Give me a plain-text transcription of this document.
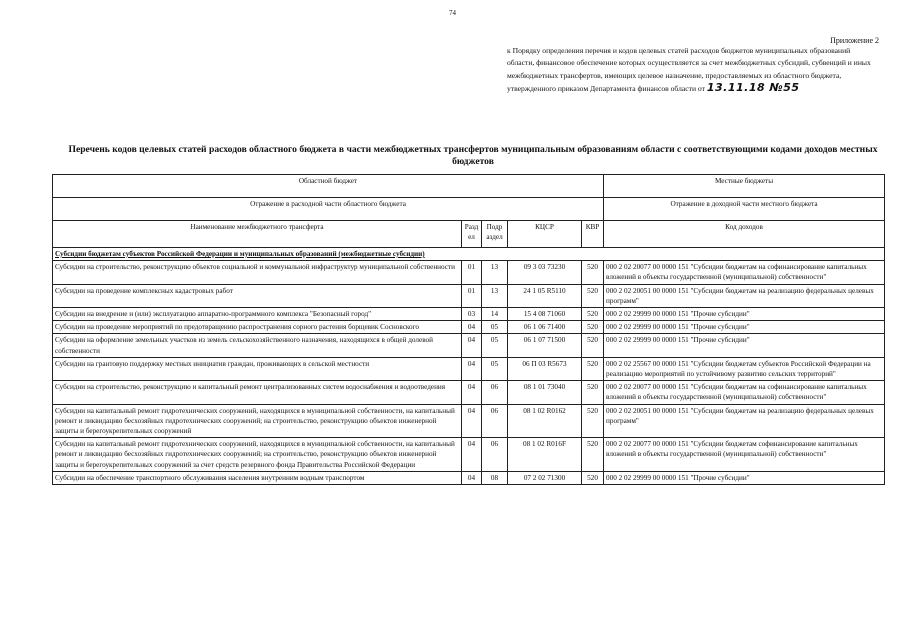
74
Приложение 2
к Порядку определения перечня и кодов целевых статей расходов бюджетов муниципальных образований области, финансовое обеспечение которых осуществляется за счет межбюджетных субсидий, субвенций и иных межбюджетных трансфертов, имеющих целевое назначение, предоставляемых из областного бюджета, утвержденного приказом Департамента финансов области от 13.11.18 №55
Перечень кодов целевых статей расходов областного бюджета в части межбюджетных трансфертов муниципальным образованиям области с соответствующими кодами доходов местных бюджетов
Областной бюджет					Местные бюджеты
Отражение в расходной части областного бюджета					Отражение в доходной части местного бюджета
Наименование межбюджетного трансферта	Разд ел	Подр аздел	КЦСР	КВР	Код доходов
Субсидии бюджетам субъектов Российской Федерации и муниципальных образований (межбюджетные субсидии)					
Субсидии на строительство, реконструкцию объектов социальной и коммунальной инфраструктур муниципальной собственности	01	13	09 3 03 73230	520	000 2 02 20077 00 0000 151 "Субсидии бюджетам на софинансирование капитальных вложений в объекты государственной (муниципальной) собственности"
Субсидии на проведение комплексных кадастровых работ	01	13	24 1 05 R5110	520	000 2 02 20051 00 0000 151 "Субсидии бюджетам на реализацию федеральных целевых программ"
Субсидии на внедрение и (или) эксплуатацию аппаратно-программного комплекса "Безопасный город"	03	14	15 4 08 71060	520	000 2 02 29999 00 0000 151 "Прочие субсидии"
Субсидии на проведение мероприятий по предотвращению распространения сорного растения борщевик Сосновского	04	05	06 1 06 71400	520	000 2 02 29999 00 0000 151 "Прочие субсидии"
Субсидии на оформление земельных участков из земель сельскохозяйственного назначения, находящихся в общей долевой собственности	04	05	06 1 07 71500	520	000 2 02 29999 00 0000 151 "Прочие субсидии"
Субсидии на грантовую поддержку местных инициатив граждан, проживающих в сельской местности	04	05	06 П 03 R5673	520	000 2 02 25567 00 0000 151 "Субсидии бюджетам субъектов Российской Федерации на реализацию мероприятий по устойчивому развитию сельских территорий"
Субсидии на строительство, реконструкцию и капитальный ремонт централизованных систем водоснабжения и водоотведения	04	06	08 1 01 73040	520	000 2 02 20077 00 0000 151 "Субсидии бюджетам на софинансирование капитальных вложений в объекты государственной (муниципальной) собственности"
Субсидии на капитальный ремонт гидротехнических сооружений, находящихся в муниципальной собственности, на капитальный ремонт и ликвидацию бесхозяйных гидротехнических сооружений; на строительство, реконструкцию объектов инженерной защиты и берегоукрепительных сооружений	04	06	08 1 02 R0162	520	000 2 02 20051 00 0000 151 "Субсидии бюджетам на реализацию федеральных целевых программ"
Субсидии на капитальный ремонт гидротехнических сооружений, находящихся в муниципальной собственности, на капитальный ремонт и ликвидацию бесхозяйных гидротехнических сооружений; на строительство, реконструкцию объектов инженерной защиты и берегоукрепительных сооружений за счет средств резервного фонда Правительства Российской Федерации	04	06	08 1 02 R016F	520	000 2 02 20077 00 0000 151 "Субсидии бюджетам софинансирование капитальных вложений в объекты государственной (муниципальной) собственности"
Субсидии на обеспечение транспортного обслуживания населения внутренним водным транспортом	04	08	07 2 02 71300	520	000 2 02 29999 00 0000 151 "Прочие субсидии"
